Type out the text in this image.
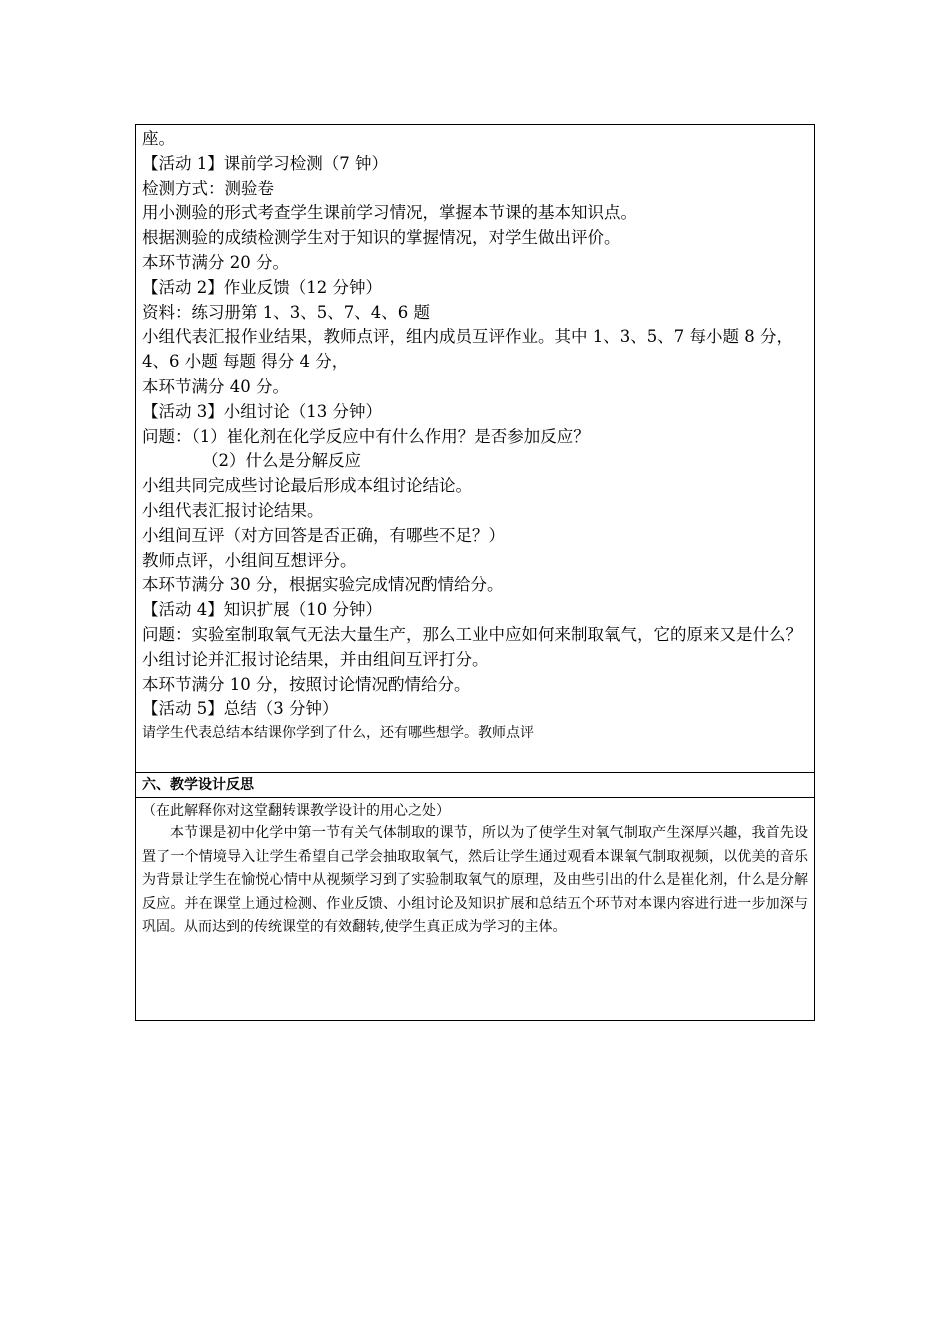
座。
【活动 1】课前学习检测（7 钟）
检测方式：测验卷
用小测验的形式考查学生课前学习情况，掌握本节课的基本知识点。
根据测验的成绩检测学生对于知识的掌握情况，对学生做出评价。
本环节满分 20 分。
【活动 2】作业反馈（12 分钟）
资料：练习册第 1、3、5、7、4、6 题
小组代表汇报作业结果，教师点评，组内成员互评作业。其中 1、3、5、7 每小题 8 分，4、6 小题 每题 得分 4 分，
本环节满分 40 分。
【活动 3】小组讨论（13 分钟）
问题：（1）崔化剂在化学反应中有什么作用？是否参加反应？
（2）什么是分解反应
小组共同完成些讨论最后形成本组讨论结论。
小组代表汇报讨论结果。
小组间互评（对方回答是否正确，有哪些不足？）
教师点评，小组间互想评分。
本环节满分 30 分，根据实验完成情况酌情给分。
【活动 4】知识扩展（10 分钟）
问题：实验室制取氧气无法大量生产，那么工业中应如何来制取氧气，它的原来又是什么？
小组讨论并汇报讨论结果，并由组间互评打分。
本环节满分 10 分，按照讨论情况酌情给分。
【活动 5】总结（3 分钟）
请学生代表总结本结课你学到了什么，还有哪些想学。教师点评

六、教学设计反思

（在此解释你对这堂翻转课教学设计的用心之处）

本节课是初中化学中第一节有关气体制取的课节，所以为了使学生对氧气制取产生深厚兴趣，我首先设置了一个情境导入让学生希望自己学会抽取取氧气，然后让学生通过观看本课氧气制取视频，以优美的音乐为背景让学生在愉悦心情中从视频学习到了实验制取氧气的原理，及由些引出的什么是崔化剂，什么是分解反应。并在课堂上通过检测、作业反馈、小组讨论及知识扩展和总结五个环节对本课内容进行进一步加深与巩固。从而达到的传统课堂的有效翻转,使学生真正成为学习的主体。
